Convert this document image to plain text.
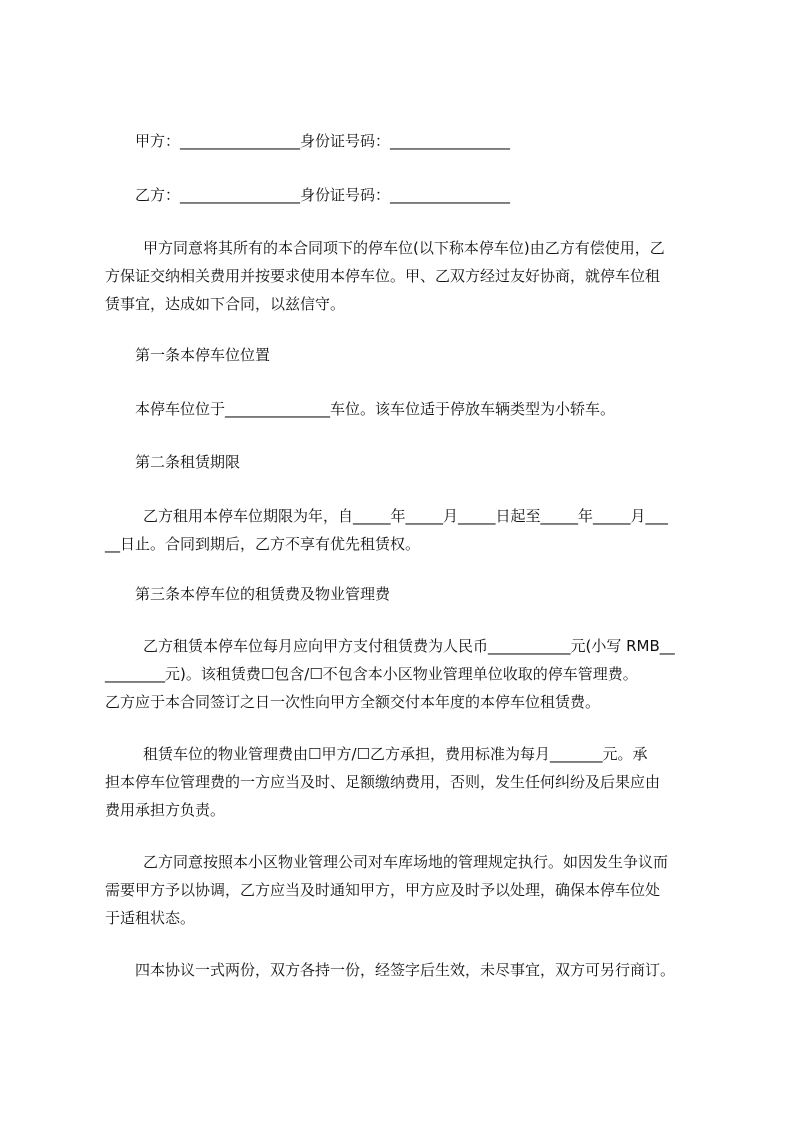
甲方：________________身份证号码：________________
乙方：________________身份证号码：________________
甲方同意将其所有的本合同项下的停车位(以下称本停车位)由乙方有偿使用，乙
方保证交纳相关费用并按要求使用本停车位。甲、乙双方经过友好协商，就停车位租
赁事宜，达成如下合同，以兹信守。
第一条本停车位位置
本停车位位于______________车位。该车位适于停放车辆类型为小轿车。
第二条租赁期限
乙方租用本停车位期限为年，自_____年_____月_____日起至_____年_____月___
__日止。合同到期后，乙方不享有优先租赁权。
第三条本停车位的租赁费及物业管理费
乙方租赁本停车位每月应向甲方支付租赁费为人民币___________元(小写 RMB__
________元)。该租赁费☐包含/☐不包含本小区物业管理单位收取的停车管理费。
乙方应于本合同签订之日一次性向甲方全额交付本年度的本停车位租赁费。
租赁车位的物业管理费由☐甲方/☐乙方承担，费用标准为每月_______元。承
担本停车位管理费的一方应当及时、足额缴纳费用，否则，发生任何纠纷及后果应由
费用承担方负责。
乙方同意按照本小区物业管理公司对车库场地的管理规定执行。如因发生争议而
需要甲方予以协调，乙方应当及时通知甲方，甲方应及时予以处理，确保本停车位处
于适租状态。
四本协议一式两份，双方各持一份，经签字后生效，未尽事宜，双方可另行商订。
